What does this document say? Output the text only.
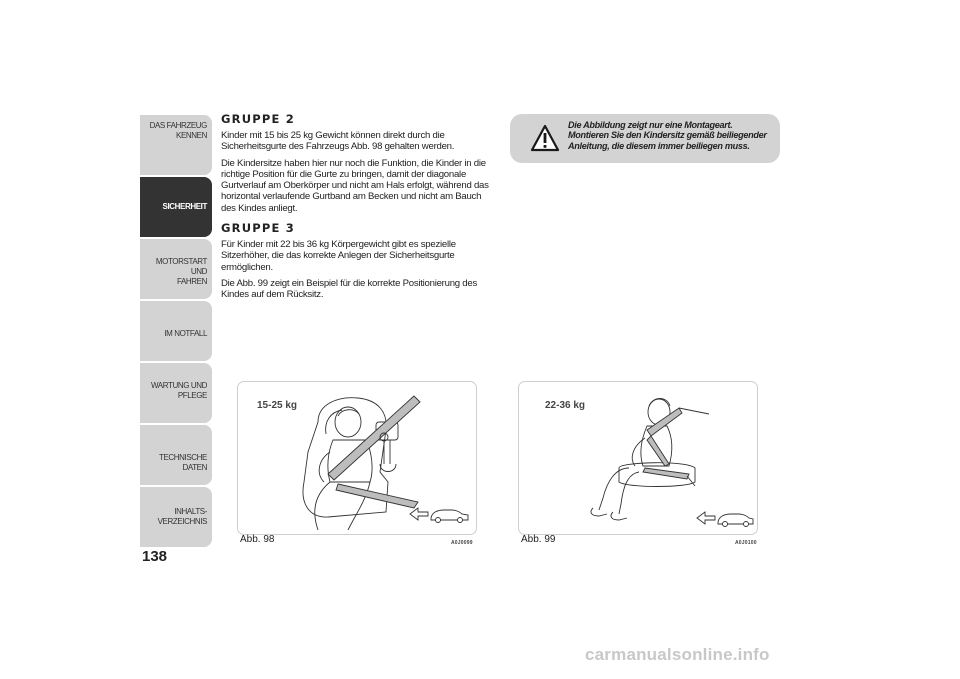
DAS FAHRZEUG
KENNEN
SICHERHEIT
MOTORSTART UND
FAHREN
IM NOTFALL
WARTUNG UND
PFLEGE
TECHNISCHE DATEN
INHALTS-
VERZEICHNIS
138
GRUPPE 2

Kinder mit 15 bis 25 kg Gewicht können direkt durch die Sicherheitsgurte des Fahrzeugs Abb. 98 gehalten werden.

Die Kindersitze haben hier nur noch die Funktion, die Kinder in die richtige Position für die Gurte zu bringen, damit der diagonale Gurtverlauf am Oberkörper und nicht am Hals erfolgt, während das horizontal verlaufende Gurtband am Becken und nicht am Bauch des Kindes anliegt.

GRUPPE 3

Für Kinder mit 22 bis 36 kg Körpergewicht gibt es spezielle Sitzerhöher, die das korrekte Anlegen der Sicherheitsgurte ermöglichen.

Die Abb. 99 zeigt ein Beispiel für die korrekte Positionierung des Kindes auf dem Rücksitz.

Die Abbildung zeigt nur eine Montageart. Montieren Sie den Kindersitz gemäß beiliegender Anleitung, die diesem immer beiliegen muss.
15-25 kg
Abb. 98	A0J0099
22-36 kg
Abb. 99	A0J0100
carmanualsonline.info
